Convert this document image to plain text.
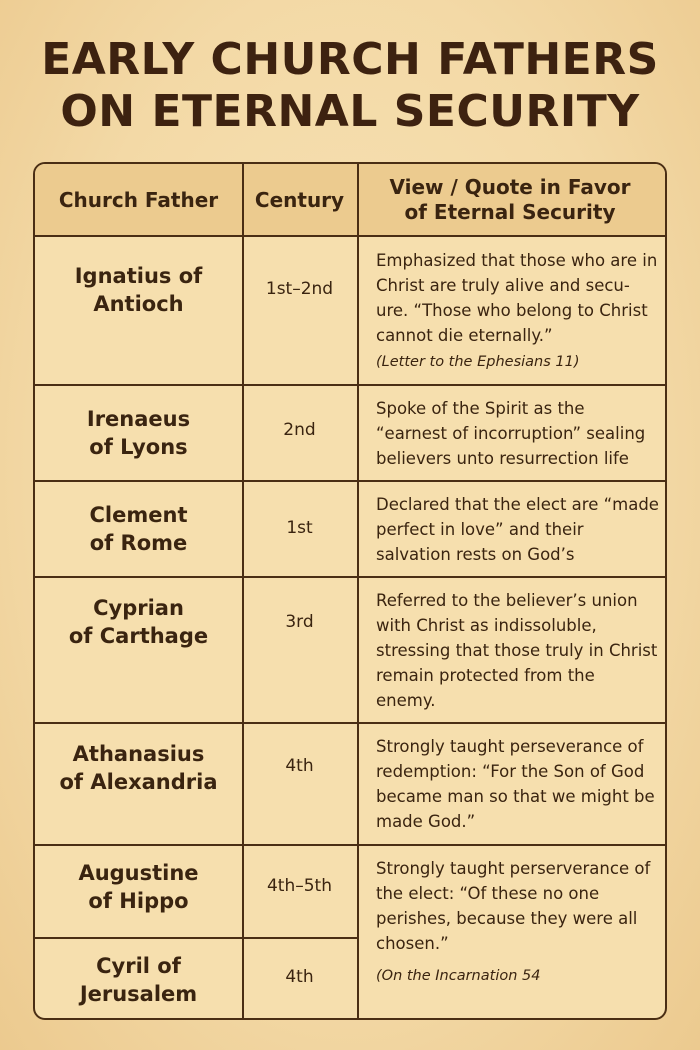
EARLY CHURCH FATHERS
ON ETERNAL SECURITY
Church Father	Century
View / Quote in Favor of Eternal Security
Ignatius of
Antioch
1st–2nd
Emphasized that those who are in Christ are truly alive and secu- ure. “Those who belong to Christ cannot die eternally.”
(Letter to the Ephesians 11)
Irenaeus
of Lyons
2nd
Spoke of the Spirit as the “earnest of incorruption” sealing believers unto resurrection life
Clement
of Rome
1st
Declared that the elect are “made perfect in love” and their salvation rests on God’s
Cyprian
of Carthage
3rd
Referred to the believer’s union with Christ as indissoluble, stressing that those truly in Christ remain protected from the enemy.
Athanasius
of Alexandria
4th
Strongly taught perseverance of redemption: “For the Son of God became man so that we might be made God.”
Augustine
of Hippo
4th–5th
Strongly taught perserverance of the elect: “Of these no one perishes, because they were all chosen.”
(On the Incarnation 54
Cyril of
Jerusalem
4th
